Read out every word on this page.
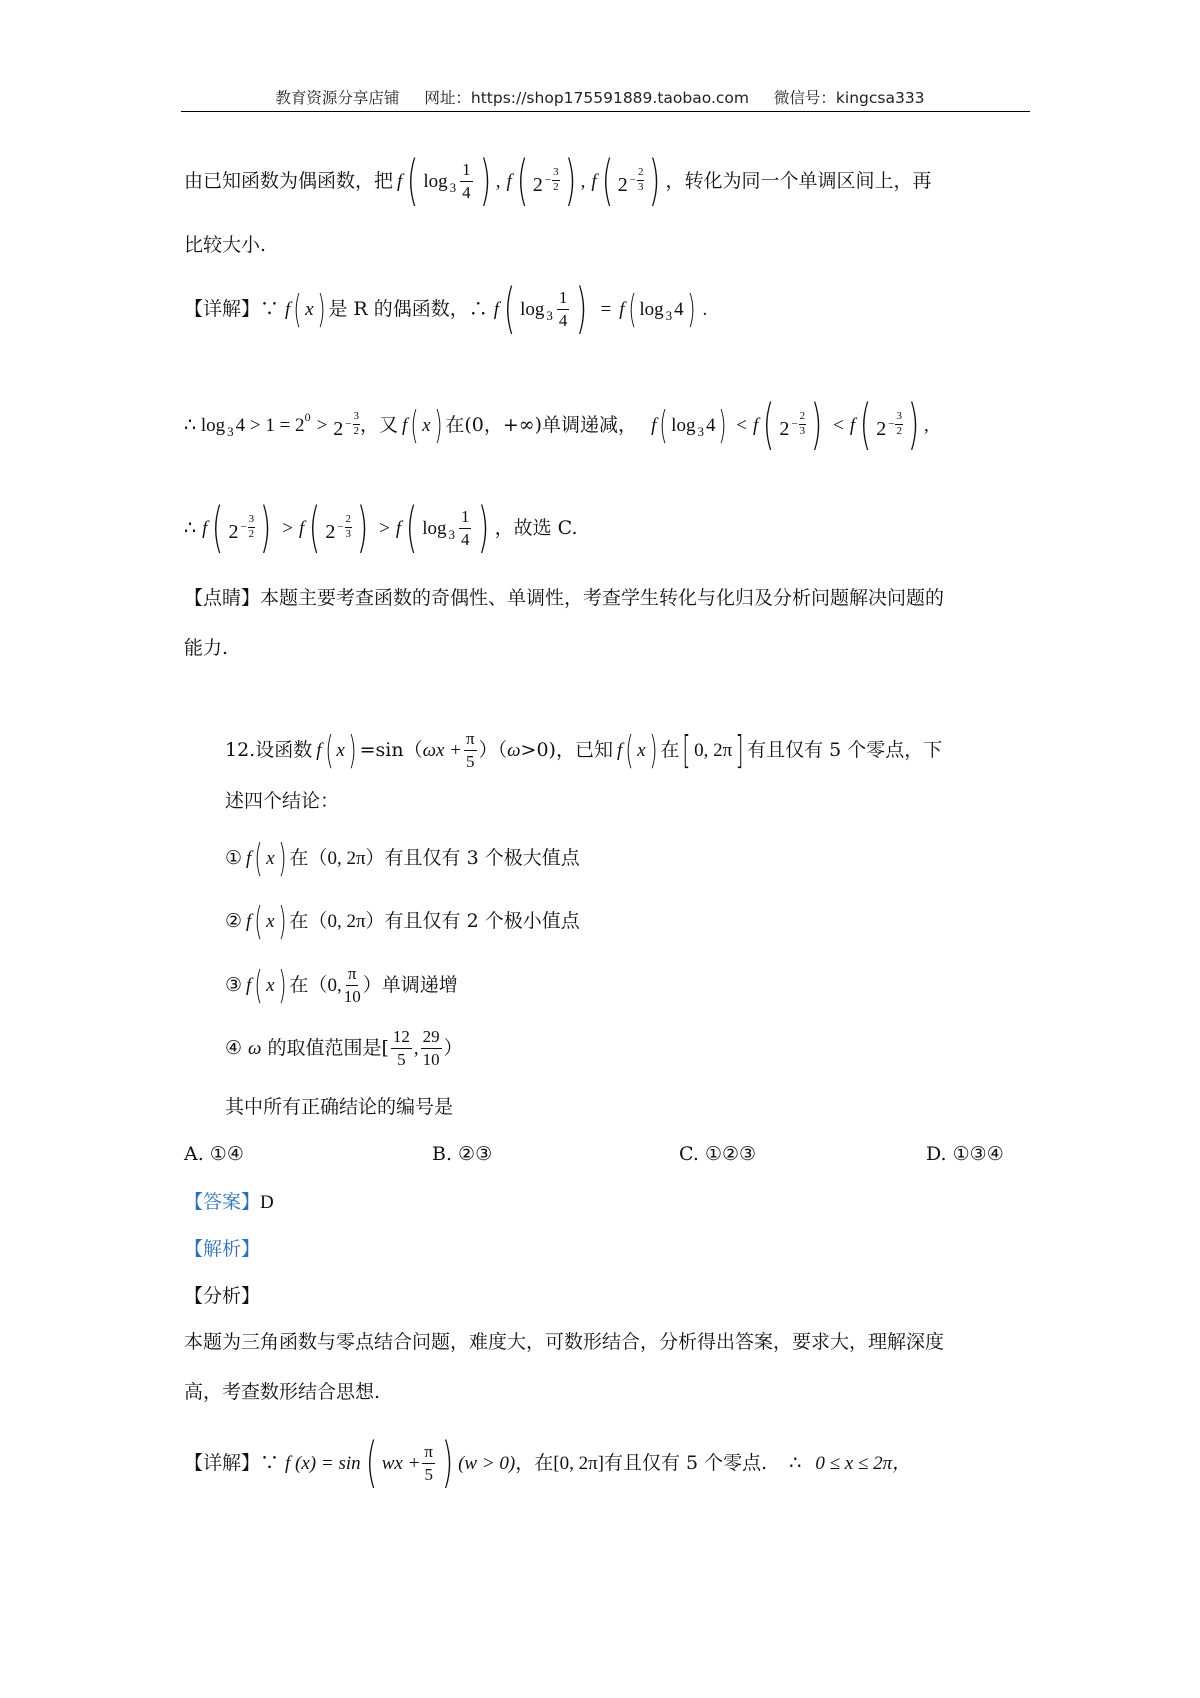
教育资源分享店铺 网址：https://shop175591889.taobao.com 微信号：kingcsa333
由已知函数为偶函数，把 f ( $\log 3 \frac{1}{4}$ ) , f ( $2 - \frac{3}{2}$ ) , f ( $2 - \frac{2}{3}$ ) ，转化为同一个单调区间上，再
比较大小.
【详解】∵ f ( x ) 是 R 的偶函数，∴ f ( $\log 3 \frac{1}{4}$ ) = f ( log 3 4 ) .
∴ log 3 4 > 1 = 2 $0 > 2 - \frac{3}{2}$ ，又 f ( x ) 在(0，+∞)单调递减， f ( log 3 4 ) < f ( $2 - \frac{2}{3}$ ) < f ( $2 - \frac{3}{2}$ ) ,
∴ f ( $2 - \frac{3}{2}$ ) > f ( $2 - \frac{2}{3}$ ) > f ( $\log 3 \frac{1}{4}$ ) ，故选 C.
【点睛】本题主要考查函数的奇偶性、单调性，考查学生转化与化归及分析问题解决问题的
能力.
12.设函数 f ( x ) =sin（ $\omega x + \frac{\pi}{5}$ ）（ ω >0)，已知 f ( x ) 在 [ 0, 2π ] 有且仅有 5 个零点，下
述四个结论：
① f ( x ) 在（ 0, 2π ）有且仅有 3 个极大值点
② f ( x ) 在（ 0, 2π ）有且仅有 2 个极小值点
③ f ( x ) 在（ 0, $\frac{\pi}{10}$ ）单调递增
④ ω 的取值范围是[ $\frac{12}{5}$ , $\frac{29}{10}$ ）
其中所有正确结论的编号是
A. ①④	B. ②③	C. ①②③	D. ①③④
【答案】 D
【解析】
【分析】
本题为三角函数与零点结合问题，难度大，可数形结合，分析得出答案，要求大，理解深度
高，考查数形结合思想.
【详解】∵ f (x) = sin ( wx + $\frac{\pi}{5}$ ) (w > 0) ，在 [0, 2π] 有且仅有 5 个零点. ∴ 0 ≤ x ≤ 2π，
